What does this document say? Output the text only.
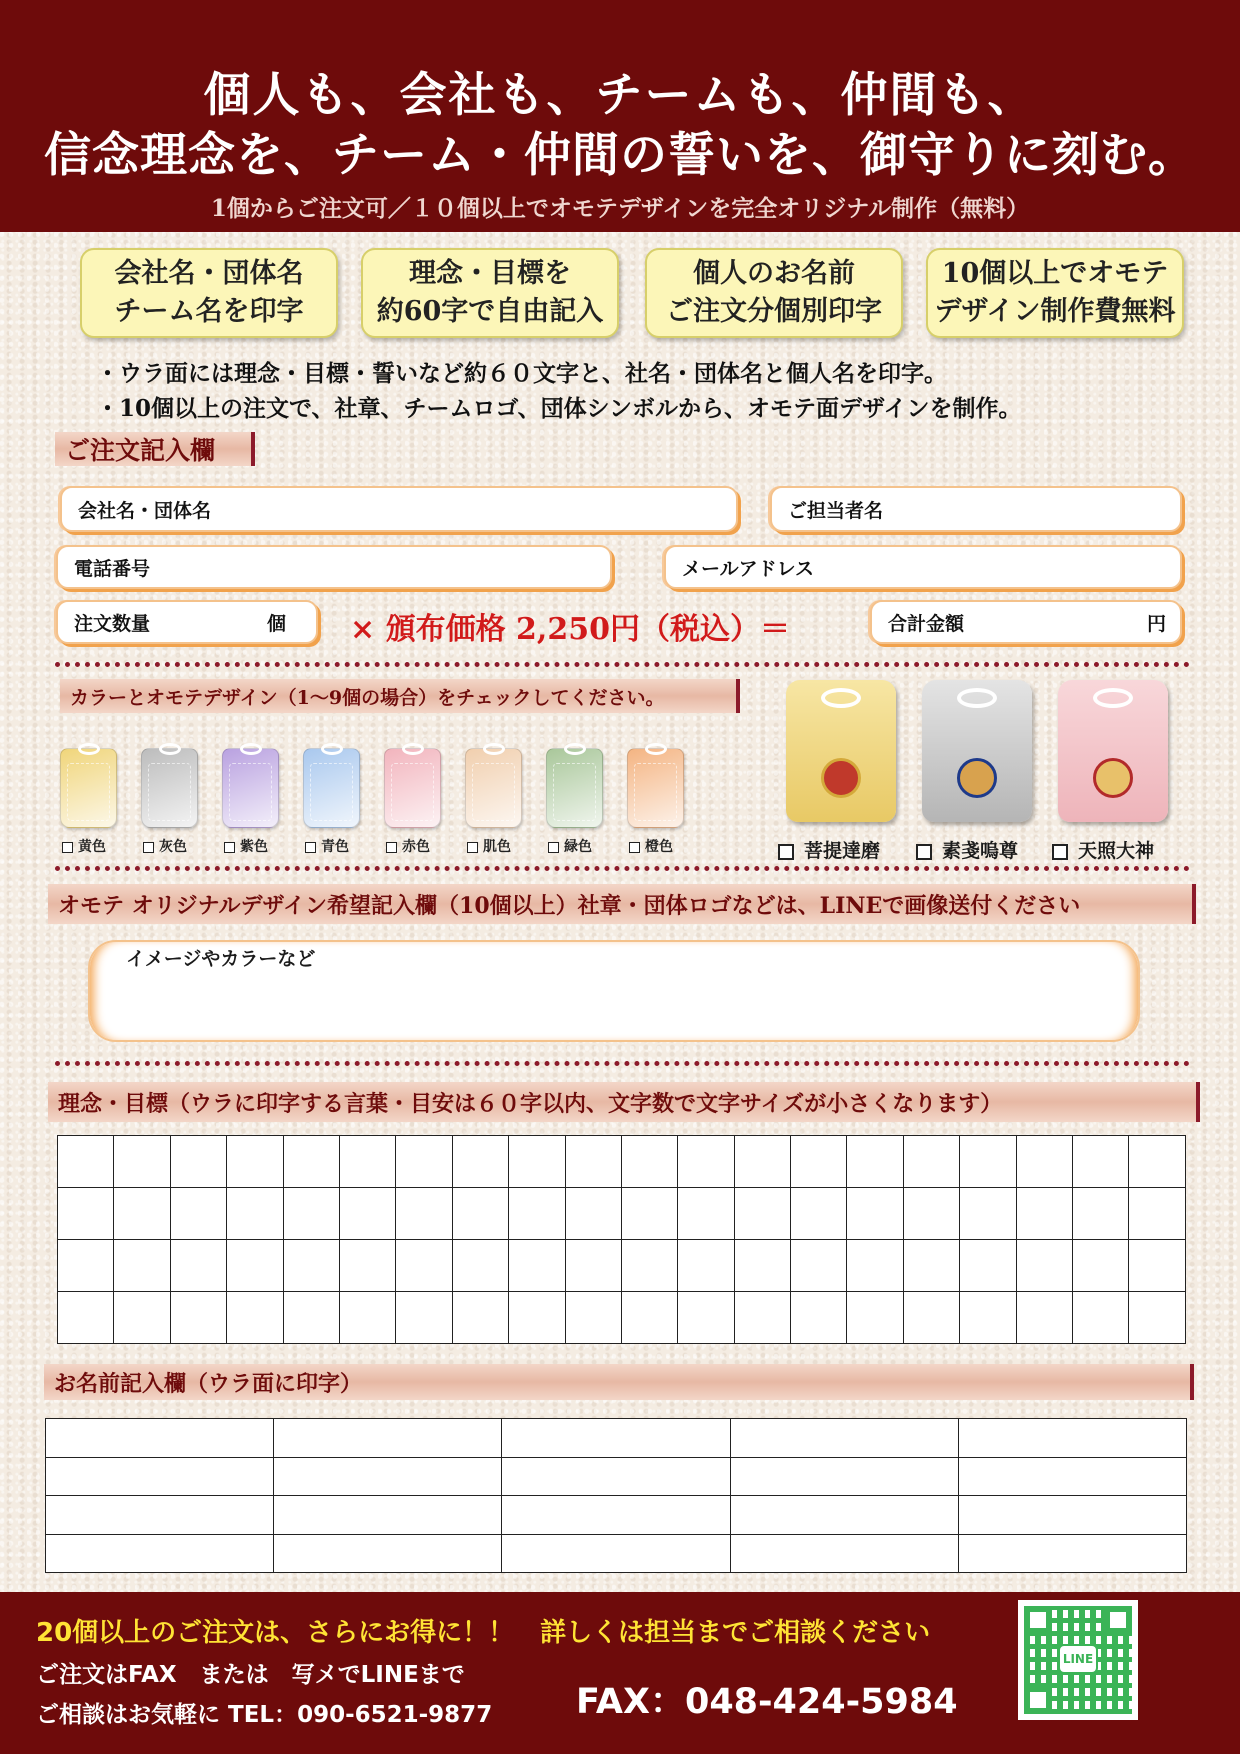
個人も、会社も、チームも、仲間も、
信念理念を、チーム・仲間の誓いを、御守りに刻む。
1個からご注文可／１０個以上でオモテデザインを完全オリジナル制作（無料）
会社名・団体名
チーム名を印字
理念・目標を
約60字で自由記入
個人のお名前
ご注文分個別印字
10個以上でオモテ
デザイン制作費無料
・ウラ面には理念・目標・誓いなど約６０文字と、社名・団体名と個人名を印字。
・10個以上の注文で、社章、チームロゴ、団体シンボルから、オモテ面デザインを制作。
ご注文記入欄
会社名・団体名	ご担当者名
電話番号	メールアドレス
注文数量	個 × 頒布価格 2,250円（税込）＝	合計金額	円
カラーとオモテデザイン（1～9個の場合）をチェックしてください。
黄色	灰色	紫色	青色	赤色	肌色	緑色	橙色	菩提達磨	素戔嗚尊	天照大神
オモテ オリジナルデザイン希望記入欄（10個以上）社章・団体ロゴなどは、LINEで画像送付ください
イメージやカラーなど
理念・目標（ウラに印字する言葉・目安は６０字以内、文字数で文字サイズが小さくなります）

お名前記入欄（ウラ面に印字）

20個以上のご注文は、さらにお得に！！　詳しくは担当までご相談ください
ご注文はFAX　または　写メでLINEまで
ご相談はお気軽に TEL：090-6521-9877 FAX：048-424-5984
LINE
